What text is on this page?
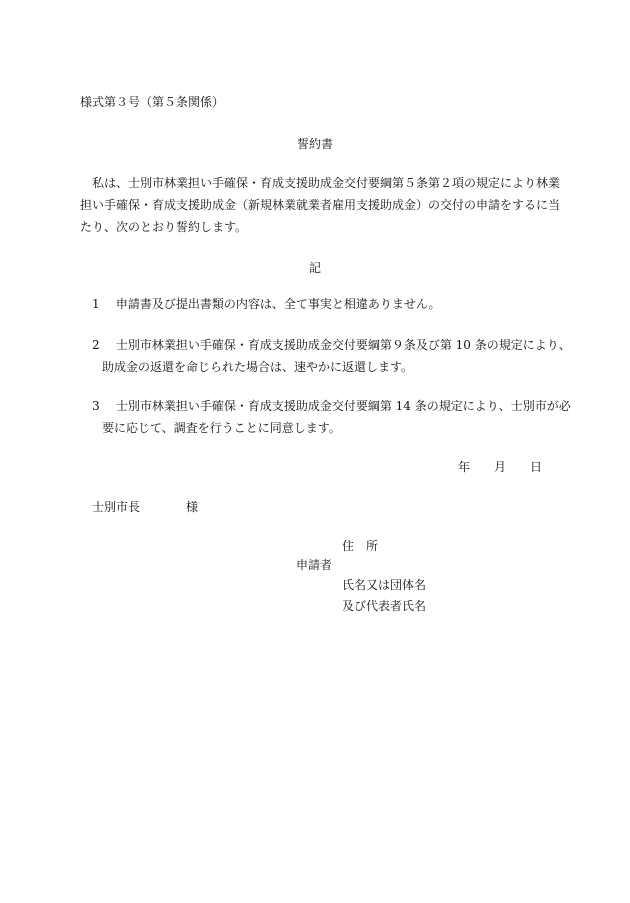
様式第３号（第５条関係）
誓約書
私は、士別市林業担い手確保・育成支援助成金交付要綱第５条第２項の規定により林業
担い手確保・育成支援助成金（新規林業就業者雇用支援助成金）の交付の申請をするに当
たり、次のとおり誓約します。
記
1 申請書及び提出書類の内容は、全て事実と相違ありません。
2 士別市林業担い手確保・育成支援助成金交付要綱第９条及び第 10 条の規定により、
助成金の返還を命じられた場合は、速やかに返還します。
3 士別市林業担い手確保・育成支援助成金交付要綱第 14 条の規定により、士別市が必
要に応じて、調査を行うことに同意します。
年 月 日
士別市長	様
住　所
申請者
氏名又は団体名
及び代表者氏名
